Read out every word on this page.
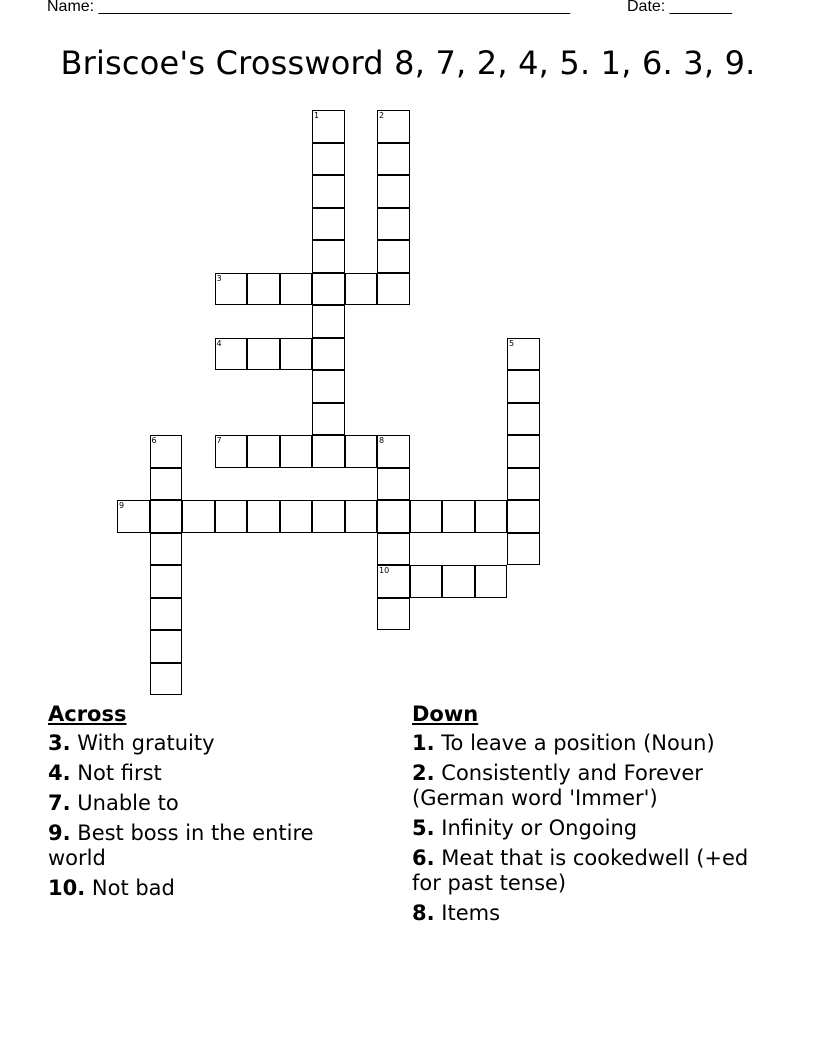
Name: _____________________________________________________	Date: _______
Briscoe's Crossword 8, 7, 2, 4, 5. 1, 6. 3, 9.
1	2
3
4	5
6	7	8
10
9
Across
3. With gratuity
4. Not first
7. Unable to
9. Best boss in the entire world
10. Not bad
Down
1. To leave a position (Noun)
2. Consistently and Forever (German word 'Immer')
5. Infinity or Ongoing
6. Meat that is cookedwell (+ed for past tense)
8. Items
